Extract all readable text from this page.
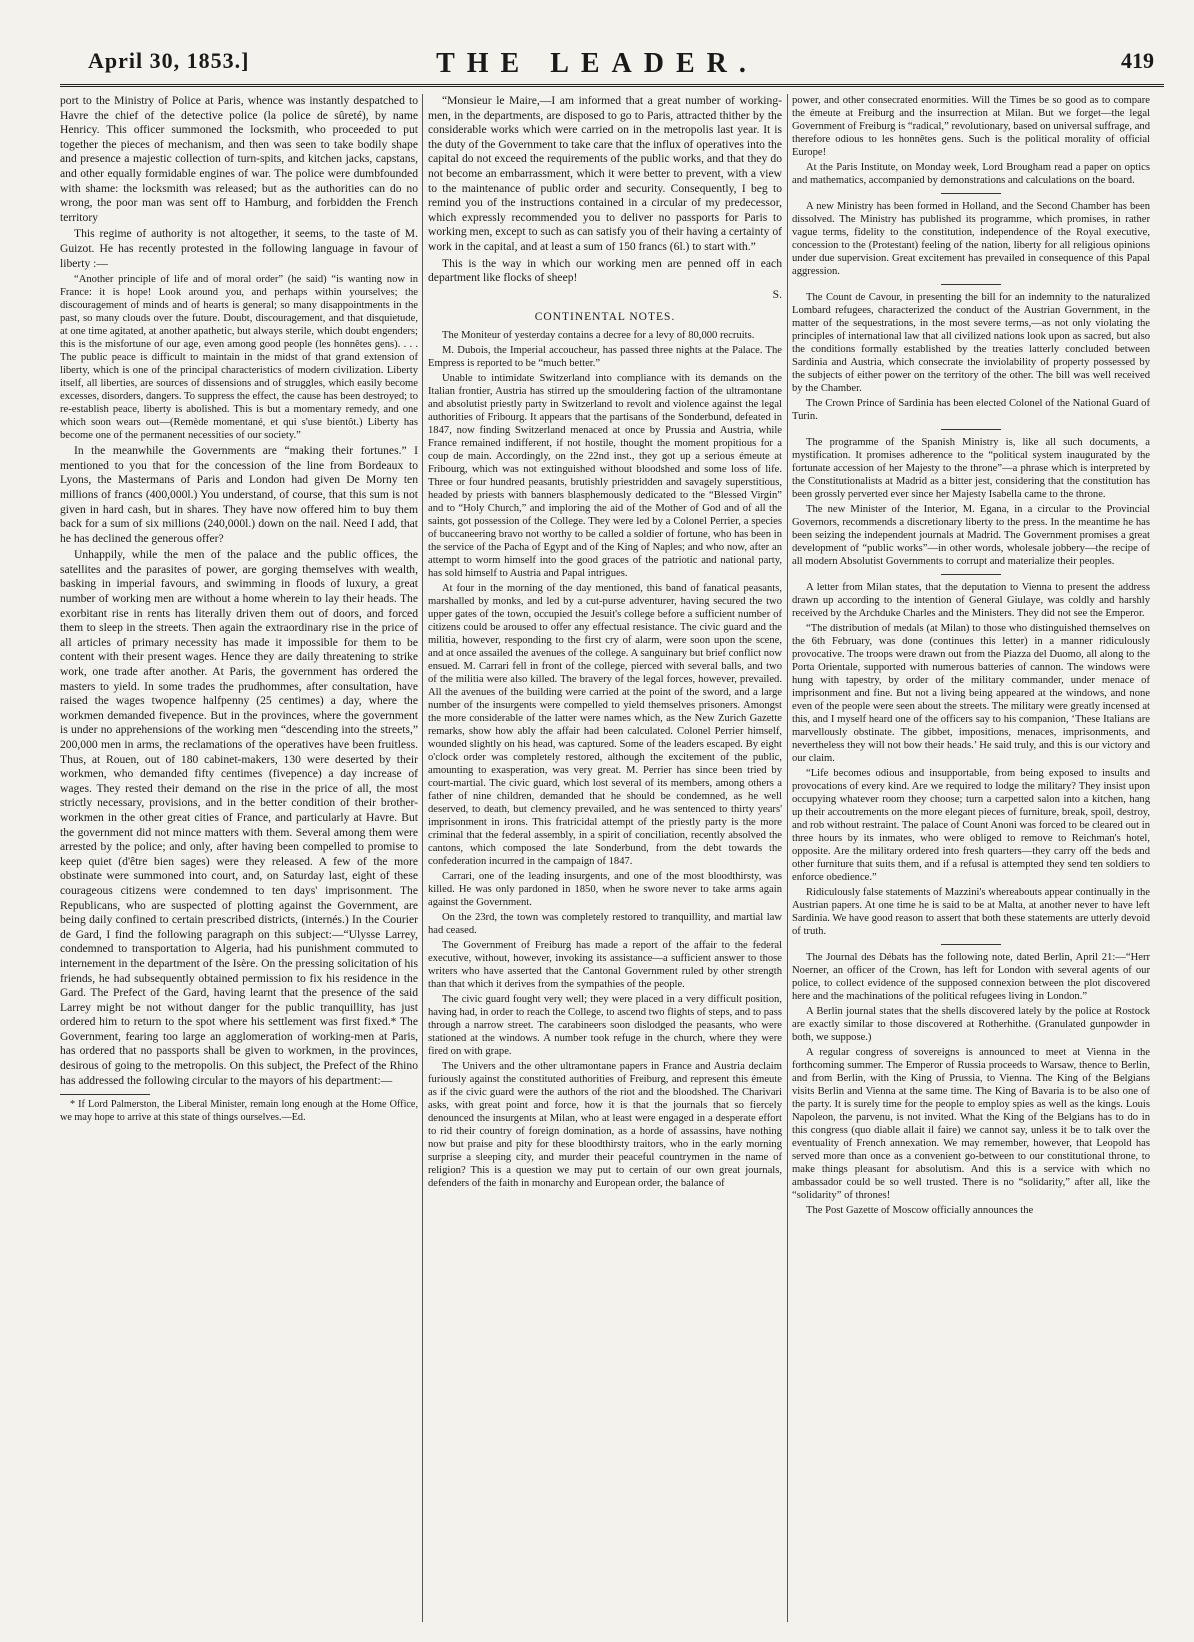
April 30, 1853.]	THE LEADER.	419

port to the Ministry of Police at Paris, whence was instantly despatched to Havre the chief of the detective police (la police de sûreté), by name Henricy. This officer summoned the locksmith, who proceeded to put together the pieces of mechanism, and then was seen to take bodily shape and presence a majestic collection of turn-spits, and kitchen jacks, capstans, and other equally formidable engines of war. The police were dumbfounded with shame: the locksmith was released; but as the authorities can do no wrong, the poor man was sent off to Hamburg, and forbidden the French territory

This regime of authority is not altogether, it seems, to the taste of M. Guizot. He has recently protested in the following language in favour of liberty :—

“Another principle of life and of moral order” (he said) “is wanting now in France: it is hope! Look around you, and perhaps within yourselves; the discouragement of minds and of hearts is general; so many disappointments in the past, so many clouds over the future. Doubt, discouragement, and that disquietude, at one time agitated, at another apathetic, but always sterile, which doubt engenders; this is the misfortune of our age, even among good people (les honnêtes gens). . . . The public peace is difficult to maintain in the midst of that grand extension of liberty, which is one of the principal characteristics of modern civilization. Liberty itself, all liberties, are sources of dissensions and of struggles, which easily become excesses, disorders, dangers. To suppress the effect, the cause has been destroyed; to re-establish peace, liberty is abolished. This is but a momentary remedy, and one which soon wears out—(Remède momentané, et qui s'use bientôt.) Liberty has become one of the permanent necessities of our society.”

In the meanwhile the Governments are “making their fortunes.” I mentioned to you that for the concession of the line from Bordeaux to Lyons, the Mastermans of Paris and London had given De Morny ten millions of francs (400,000l.) You understand, of course, that this sum is not given in hard cash, but in shares. They have now offered him to buy them back for a sum of six millions (240,000l.) down on the nail. Need I add, that he has declined the generous offer?

Unhappily, while the men of the palace and the public offices, the satellites and the parasites of power, are gorging themselves with wealth, basking in imperial favours, and swimming in floods of luxury, a great number of working men are without a home wherein to lay their heads. The exorbitant rise in rents has literally driven them out of doors, and forced them to sleep in the streets. Then again the extraordinary rise in the price of all articles of primary necessity has made it impossible for them to be content with their present wages. Hence they are daily threatening to strike work, one trade after another. At Paris, the government has ordered the masters to yield. In some trades the prudhommes, after consultation, have raised the wages twopence halfpenny (25 centimes) a day, where the workmen demanded fivepence. But in the provinces, where the government is under no apprehensions of the working men “descending into the streets,” 200,000 men in arms, the reclamations of the operatives have been fruitless. Thus, at Rouen, out of 180 cabinet-makers, 130 were deserted by their workmen, who demanded fifty centimes (fivepence) a day increase of wages. They rested their demand on the rise in the price of all, the most strictly necessary, provisions, and in the better condition of their brother-workmen in the other great cities of France, and particularly at Havre. But the government did not mince matters with them. Several among them were arrested by the police; and only, after having been compelled to promise to keep quiet (d'être bien sages) were they released. A few of the more obstinate were summoned into court, and, on Saturday last, eight of these courageous citizens were condemned to ten days' imprisonment. The Republicans, who are suspected of plotting against the Government, are being daily confined to certain prescribed districts, (internés.) In the Courier de Gard, I find the following paragraph on this subject:—“Ulysse Larrey, condemned to transportation to Algeria, had his punishment commuted to internement in the department of the Isère. On the pressing solicitation of his friends, he had subsequently obtained permission to fix his residence in the Gard. The Prefect of the Gard, having learnt that the presence of the said Larrey might be not without danger for the public tranquillity, has just ordered him to return to the spot where his settlement was first fixed.* The Government, fearing too large an agglomeration of working-men at Paris, has ordered that no passports shall be given to workmen, in the provinces, desirous of going to the metropolis. On this subject, the Prefect of the Rhino has addressed the following circular to the mayors of his department:—

* If Lord Palmerston, the Liberal Minister, remain long enough at the Home Office, we may hope to arrive at this state of things ourselves.—Ed.

“Monsieur le Maire,—I am informed that a great number of working-men, in the departments, are disposed to go to Paris, attracted thither by the considerable works which were carried on in the metropolis last year. It is the duty of the Government to take care that the influx of operatives into the capital do not exceed the requirements of the public works, and that they do not become an embarrassment, which it were better to prevent, with a view to the maintenance of public order and security. Consequently, I beg to remind you of the instructions contained in a circular of my predecessor, which expressly recommended you to deliver no passports for Paris to working men, except to such as can satisfy you of their having a certainty of work in the capital, and at least a sum of 150 francs (6l.) to start with.”

This is the way in which our working men are penned off in each department like flocks of sheep!

S.

CONTINENTAL NOTES.

The Moniteur of yesterday contains a decree for a levy of 80,000 recruits.

M. Dubois, the Imperial accoucheur, has passed three nights at the Palace. The Empress is reported to be “much better.”

Unable to intimidate Switzerland into compliance with its demands on the Italian frontier, Austria has stirred up the smouldering faction of the ultramontane and absolutist priestly party in Switzerland to revolt and violence against the legal authorities of Fribourg. It appears that the partisans of the Sonderbund, defeated in 1847, now finding Switzerland menaced at once by Prussia and Austria, while France remained indifferent, if not hostile, thought the moment propitious for a coup de main. Accordingly, on the 22nd inst., they got up a serious émeute at Fribourg, which was not extinguished without bloodshed and some loss of life. Three or four hundred peasants, brutishly priestridden and savagely superstitious, headed by priests with banners blasphemously dedicated to the “Blessed Virgin” and to “Holy Church,” and imploring the aid of the Mother of God and of all the saints, got possession of the College. They were led by a Colonel Perrier, a species of buccaneering bravo not worthy to be called a soldier of fortune, who has been in the service of the Pacha of Egypt and of the King of Naples; and who now, after an attempt to worm himself into the good graces of the patriotic and national party, has sold himself to Austria and Papal intrigues.

At four in the morning of the day mentioned, this band of fanatical peasants, marshalled by monks, and led by a cut-purse adventurer, having secured the two upper gates of the town, occupied the Jesuit's college before a sufficient number of citizens could be aroused to offer any effectual resistance. The civic guard and the militia, however, responding to the first cry of alarm, were soon upon the scene, and at once assailed the avenues of the college. A sanguinary but brief conflict now ensued. M. Carrari fell in front of the college, pierced with several balls, and two of the militia were also killed. The bravery of the legal forces, however, prevailed. All the avenues of the building were carried at the point of the sword, and a large number of the insurgents were compelled to yield themselves prisoners. Amongst the more considerable of the latter were names which, as the New Zurich Gazette remarks, show how ably the affair had been calculated. Colonel Perrier himself, wounded slightly on his head, was captured. Some of the leaders escaped. By eight o'clock order was completely restored, although the excitement of the public, amounting to exasperation, was very great. M. Perrier has since been tried by court-martial. The civic guard, which lost several of its members, among others a father of nine children, demanded that he should be condemned, as he well deserved, to death, but clemency prevailed, and he was sentenced to thirty years' imprisonment in irons. This fratricidal attempt of the priestly party is the more criminal that the federal assembly, in a spirit of conciliation, recently absolved the cantons, which composed the late Sonderbund, from the debt towards the confederation incurred in the campaign of 1847.

Carrari, one of the leading insurgents, and one of the most bloodthirsty, was killed. He was only pardoned in 1850, when he swore never to take arms again against the Government.

On the 23rd, the town was completely restored to tranquillity, and martial law had ceased.

The Government of Freiburg has made a report of the affair to the federal executive, without, however, invoking its assistance—a sufficient answer to those writers who have asserted that the Cantonal Government ruled by other strength than that which it derives from the sympathies of the people.

The civic guard fought very well; they were placed in a very difficult position, having had, in order to reach the College, to ascend two flights of steps, and to pass through a narrow street. The carabineers soon dislodged the peasants, who were stationed at the windows. A number took refuge in the church, where they were fired on with grape.

The Univers and the other ultramontane papers in France and Austria declaim furiously against the constituted authorities of Freiburg, and represent this émeute as if the civic guard were the authors of the riot and the bloodshed. The Charivari asks, with great point and force, how it is that the journals that so fiercely denounced the insurgents at Milan, who at least were engaged in a desperate effort to rid their country of foreign domination, as a horde of assassins, have nothing now but praise and pity for these bloodthirsty traitors, who in the early morning surprise a sleeping city, and murder their peaceful countrymen in the name of religion? This is a question we may put to certain of our own great journals, defenders of the faith in monarchy and European order, the balance of

power, and other consecrated enormities. Will the Times be so good as to compare the émeute at Freiburg and the insurrection at Milan. But we forget—the legal Government of Freiburg is “radical,” revolutionary, based on universal suffrage, and therefore odious to les honnêtes gens. Such is the political morality of official Europe!

At the Paris Institute, on Monday week, Lord Brougham read a paper on optics and mathematics, accompanied by demonstrations and calculations on the board.

A new Ministry has been formed in Holland, and the Second Chamber has been dissolved. The Ministry has published its programme, which promises, in rather vague terms, fidelity to the constitution, independence of the Royal executive, concession to the (Protestant) feeling of the nation, liberty for all religious opinions under due supervision. Great excitement has prevailed in consequence of this Papal aggression.

The Count de Cavour, in presenting the bill for an indemnity to the naturalized Lombard refugees, characterized the conduct of the Austrian Government, in the matter of the sequestrations, in the most severe terms,—as not only violating the principles of international law that all civilized nations look upon as sacred, but also the conditions formally established by the treaties latterly concluded between Sardinia and Austria, which consecrate the inviolability of property possessed by the subjects of either power on the territory of the other. The bill was well received by the Chamber.

The Crown Prince of Sardinia has been elected Colonel of the National Guard of Turin.

The programme of the Spanish Ministry is, like all such documents, a mystification. It promises adherence to the “political system inaugurated by the fortunate accession of her Majesty to the throne”—a phrase which is interpreted by the Constitutionalists at Madrid as a bitter jest, considering that the constitution has been grossly perverted ever since her Majesty Isabella came to the throne.

The new Minister of the Interior, M. Egana, in a circular to the Provincial Governors, recommends a discretionary liberty to the press. In the meantime he has been seizing the independent journals at Madrid. The Government promises a great development of “public works”—in other words, wholesale jobbery—the recipe of all modern Absolutist Governments to corrupt and materialize their peoples.

A letter from Milan states, that the deputation to Vienna to present the address drawn up according to the intention of General Giulaye, was coldly and harshly received by the Archduke Charles and the Ministers. They did not see the Emperor.

“The distribution of medals (at Milan) to those who distinguished themselves on the 6th February, was done (continues this letter) in a manner ridiculously provocative. The troops were drawn out from the Piazza del Duomo, all along to the Porta Orientale, supported with numerous batteries of cannon. The windows were hung with tapestry, by order of the military commander, under menace of imprisonment and fine. But not a living being appeared at the windows, and none even of the people were seen about the streets. The military were greatly incensed at this, and I myself heard one of the officers say to his companion, ‘These Italians are marvellously obstinate. The gibbet, impositions, menaces, imprisonments, and nevertheless they will not bow their heads.’ He said truly, and this is our victory and our claim.

“Life becomes odious and insupportable, from being exposed to insults and provocations of every kind. Are we required to lodge the military? They insist upon occupying whatever room they choose; turn a carpetted salon into a kitchen, hang up their accoutrements on the more elegant pieces of furniture, break, spoil, destroy, and rob without restraint. The palace of Count Anoni was forced to be cleared out in three hours by its inmates, who were obliged to remove to Reichman's hotel, opposite. Are the military ordered into fresh quarters—they carry off the beds and other furniture that suits them, and if a refusal is attempted they send ten soldiers to enforce obedience.”

Ridiculously false statements of Mazzini's whereabouts appear continually in the Austrian papers. At one time he is said to be at Malta, at another never to have left Sardinia. We have good reason to assert that both these statements are utterly devoid of truth.

The Journal des Débats has the following note, dated Berlin, April 21:—“Herr Noerner, an officer of the Crown, has left for London with several agents of our police, to collect evidence of the supposed connexion between the plot discovered here and the machinations of the political refugees living in London.”

A Berlin journal states that the shells discovered lately by the police at Rostock are exactly similar to those discovered at Rotherhithe. (Granulated gunpowder in both, we suppose.)

A regular congress of sovereigns is announced to meet at Vienna in the forthcoming summer. The Emperor of Russia proceeds to Warsaw, thence to Berlin, and from Berlin, with the King of Prussia, to Vienna. The King of the Belgians visits Berlin and Vienna at the same time. The King of Bavaria is to be also one of the party. It is surely time for the people to employ spies as well as the kings. Louis Napoleon, the parvenu, is not invited. What the King of the Belgians has to do in this congress (quo diable allait il faire) we cannot say, unless it be to talk over the eventuality of French annexation. We may remember, however, that Leopold has served more than once as a convenient go-between to our constitutional throne, to make things pleasant for absolutism. And this is a service with which no ambassador could be so well trusted. There is no “solidarity,” after all, like the “solidarity” of thrones!

The Post Gazette of Moscow officially announces the
